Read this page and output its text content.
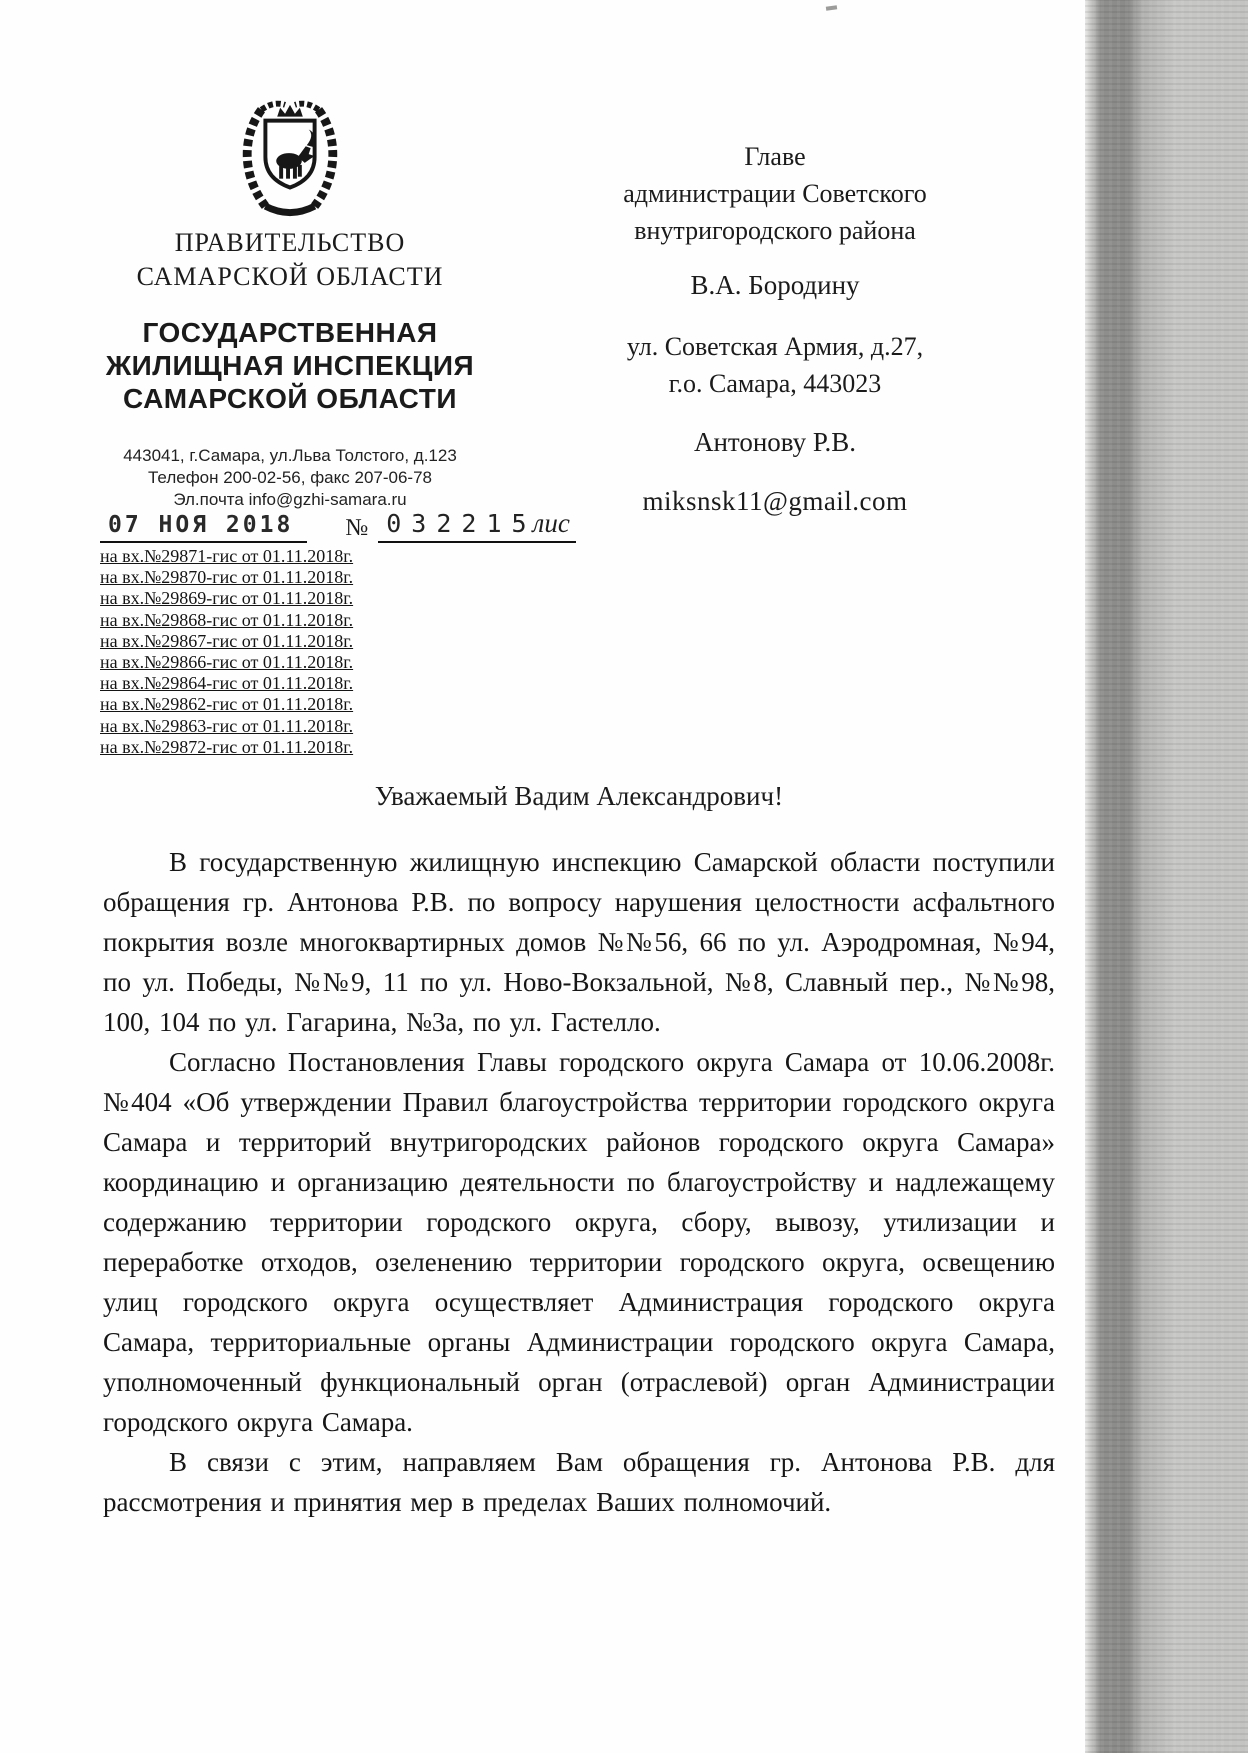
ПРАВИТЕЛЬСТВО
САМАРСКОЙ ОБЛАСТИ
ГОСУДАРСТВЕННАЯ
ЖИЛИЩНАЯ ИНСПЕКЦИЯ
САМАРСКОЙ ОБЛАСТИ
443041, г.Самара, ул.Льва Толстого, д.123
Телефон 200-02-56, факс 207-06-78
Эл.почта info@gzhi-samara.ru
07 НОЯ 2018	№ 032215лис
на вх.№29871-гис от 01.11.2018г.
на вх.№29870-гис от 01.11.2018г.
на вх.№29869-гис от 01.11.2018г.
на вх.№29868-гис от 01.11.2018г.
на вх.№29867-гис от 01.11.2018г.
на вх.№29866-гис от 01.11.2018г.
на вх.№29864-гис от 01.11.2018г.
на вх.№29862-гис от 01.11.2018г.
на вх.№29863-гис от 01.11.2018г.
на вх.№29872-гис от 01.11.2018г.

Главе

администрации Советского

внутригородского района

В.А. Бородину

ул. Советская Армия, д.27,

г.о. Самара, 443023

Антонову Р.В.

miksnsk11@gmail.com

Уважаемый Вадим Александрович!

В государственную жилищную инспекцию Самарской области поступили обращения гр. Антонова Р.В. по вопросу нарушения целостности асфальтного покрытия возле многоквартирных домов №№56, 66 по ул. Аэродромная, №94, по ул. Победы, №№9, 11 по ул. Ново-Вокзальной, №8, Славный пер., №№98, 100, 104 по ул. Гагарина, №3а, по ул. Гастелло.

Согласно Постановления Главы городского округа Самара от 10.06.2008г. №404 «Об утверждении Правил благоустройства территории городского округа Самара и территорий внутригородских районов городского округа Самара» координацию и организацию деятельности по благоустройству и надлежащему содержанию территории городского округа, сбору, вывозу, утилизации и переработке отходов, озеленению территории городского округа, освещению улиц городского округа осуществляет Администрация городского округа Самара, территориальные органы Администрации городского округа Самара, уполномоченный функциональный орган (отраслевой) орган Администрации городского округа Самара.

В связи с этим, направляем Вам обращения гр. Антонова Р.В. для рассмотрения и принятия мер в пределах Ваших полномочий.
